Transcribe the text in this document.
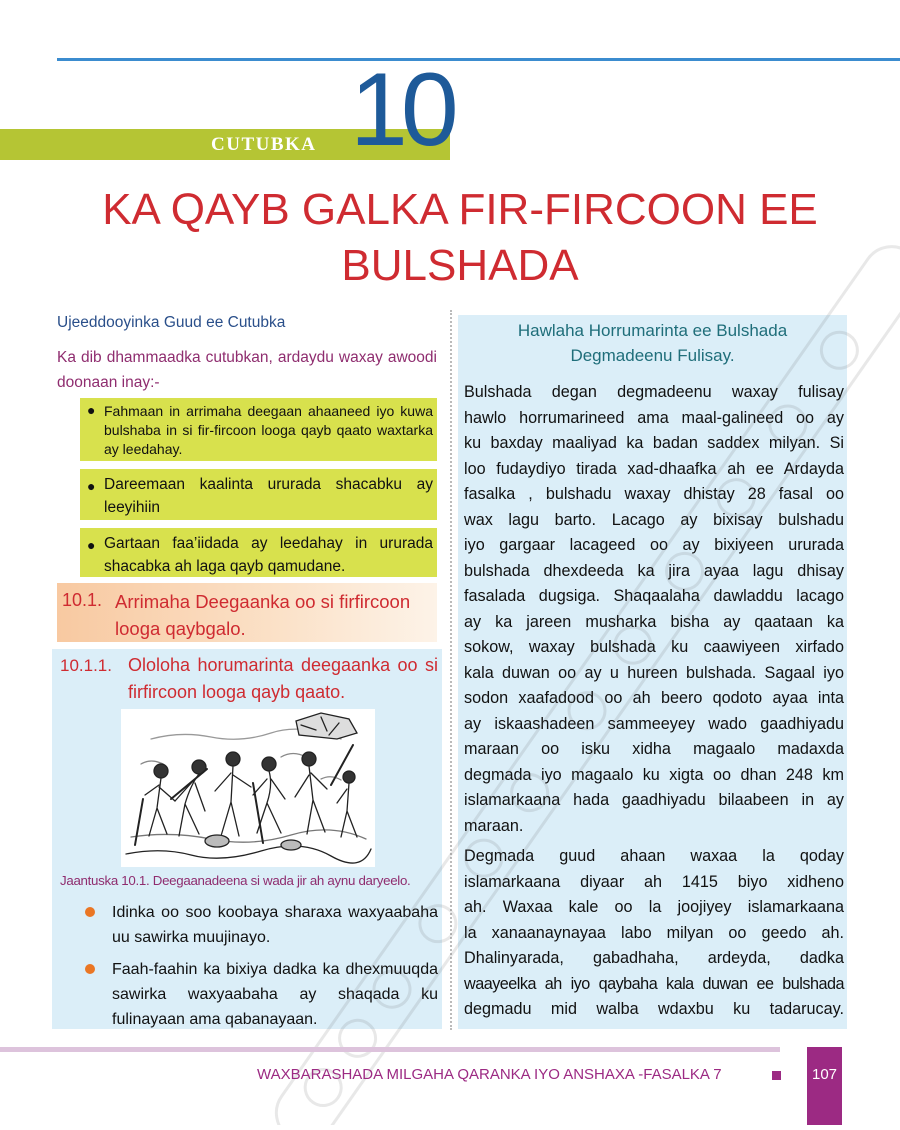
CUTUBKA 10
KA QAYB GALKA FIR-FIRCOON EE
BULSHADA
Ujeeddooyinka Guud ee Cutubka
Ka dib dhammaadka cutubkan, ardaydu waxay awoodi doonaan inay:-
● Fahmaan in arrimaha deegaan ahaaneed iyo kuwa bulshaba in si fir-fircoon looga qayb qaato waxtarka ay leedahay.
● Dareemaan kaalinta ururada shacabku ay leeyihiin
● Gartaan faa’iidada ay leedahay in ururada shacabka ah laga qayb qamudane.
10.1. Arrimaha Deegaanka oo si firfircoon looga qaybgalo.
10.1.1. Ololoha horumarinta deegaanka oo si firfircoon looga qayb qaato.
Jaantuska 10.1. Deegaanadeena si wada jir ah aynu daryeelo.
Idinka oo soo koobaya sharaxa waxyaabaha uu sawirka muujinayo.
Faah-faahin ka bixiya dadka ka dhexmuuqda sawirka waxyaabaha ay shaqada ku fulinayaan ama qabanayaan.
Hawlaha Horrumarinta ee Bulshada
Degmadeenu Fulisay.

Bulshada degan degmadeenu waxay fulisay

hawlo horrumarineed ama maal-galineed oo ay

ku baxday maaliyad ka badan saddex milyan. Si

loo fudaydiyo tirada xad-dhaafka ah ee Ardayda

fasalka , bulshadu waxay dhistay 28 fasal oo

wax lagu barto. Lacago ay bixisay bulshadu

iyo gargaar lacageed oo ay bixiyeen ururada

bulshada dhexdeeda ka jira ayaa lagu dhisay

fasalada dugsiga. Shaqaalaha dawladdu lacago

ay ka jareen musharka bisha ay qaataan ka

sokow, waxay bulshada ku caawiyeen xirfado

kala duwan oo ay u hureen bulshada. Sagaal iyo

sodon xaafadood oo ah beero qodoto ayaa inta

ay iskaashadeen sammeeyey wado gaadhiyadu

maraan oo isku xidha magaalo madaxda

degmada iyo magaalo ku xigta oo dhan 248 km

islamarkaana hada gaadhiyadu bilaabeen in ay

maraan.

Degmada guud ahaan waxaa la qoday

islamarkaana diyaar ah 1415 biyo xidheno

ah. Waxaa kale oo la joojiyey islamarkaana

la xanaanaynayaa labo milyan oo geedo ah.

Dhalinyarada, gabadhaha, ardeyda, dadka

waayeelka ah iyo qaybaha kala duwan ee bulshada

degmadu mid walba wdaxbu ku tadarucay.

WAXBARASHADA MILGAHA QARANKA IYO ANSHAXA -FASALKA 7	107
